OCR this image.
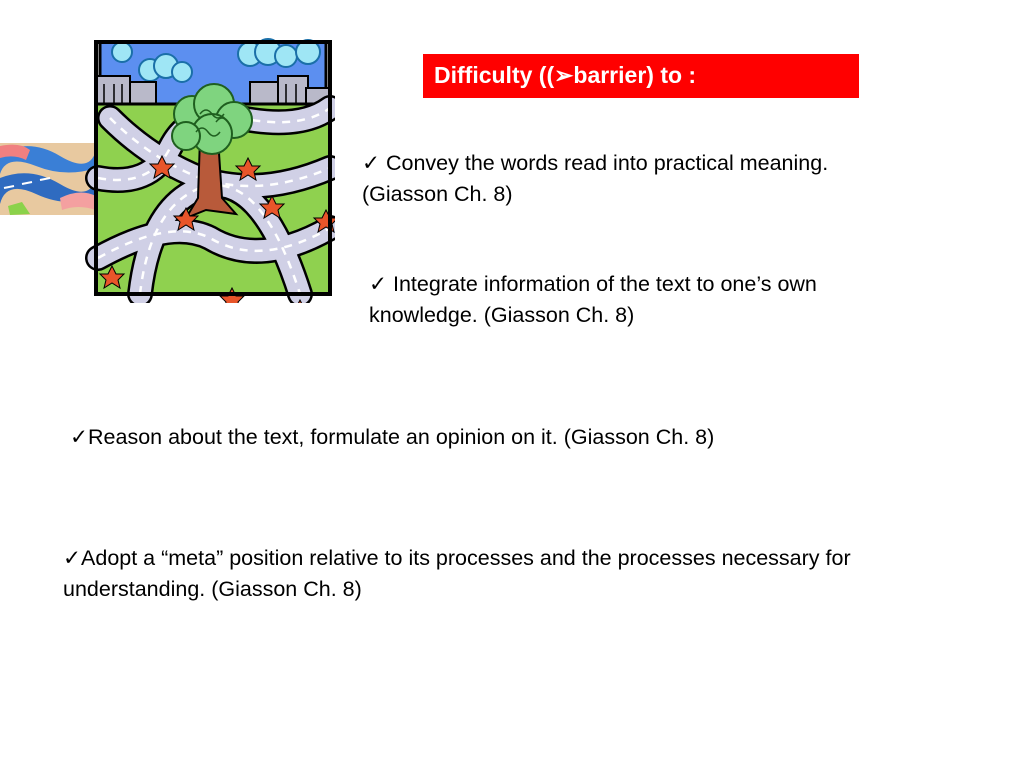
Difficulty ((➢barrier) to :

✓ Convey the words read into practical meaning. (Giasson Ch. 8)

✓ Integrate information of the text to one’s own knowledge. (Giasson Ch. 8)

✓Reason about the text, formulate an opinion on it. (Giasson Ch. 8)

✓Adopt a “meta” position relative to its processes and the processes necessary for understanding. (Giasson Ch. 8)
